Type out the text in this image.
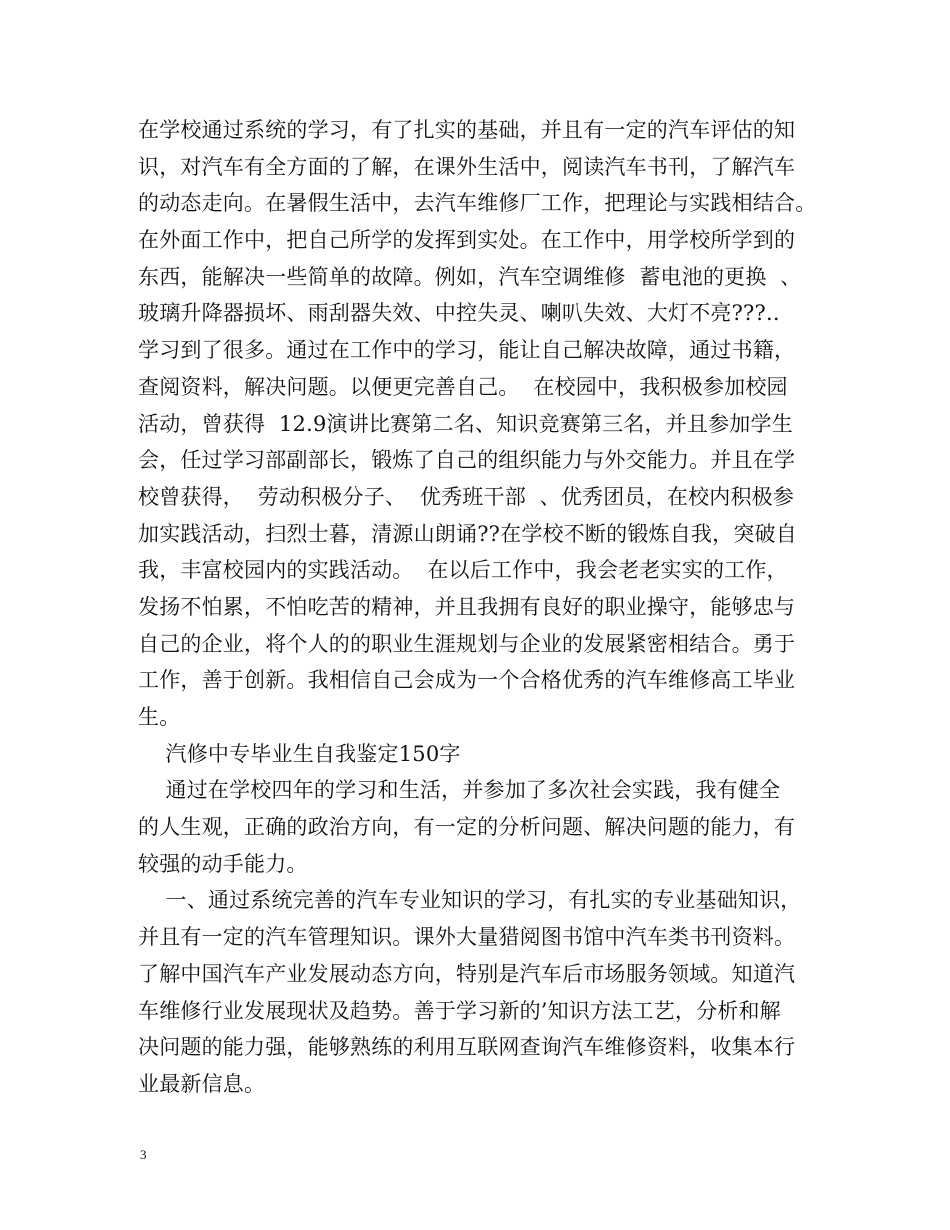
在学校通过系统的学习，有了扎实的基础，并且有一定的汽车评估的知
识，对汽车有全方面的了解，在课外生活中，阅读汽车书刊，了解汽车
的动态走向。在暑假生活中，去汽车维修厂工作，把理论与实践相结合。
在外面工作中，把自己所学的发挥到实处。在工作中，用学校所学到的
东西，能解决一些简单的故障。例如，汽车空调维修  蓄电池的更换  、
玻璃升降器损坏、雨刮器失效、中控失灵、喇叭失效、大灯不亮???..
学习到了很多。通过在工作中的学习，能让自己解决故障，通过书籍，
查阅资料，解决问题。以便更完善自己。  在校园中，我积极参加校园
活动，曾获得  12.9演讲比赛第二名、知识竞赛第三名，并且参加学生
会，任过学习部副部长，锻炼了自己的组织能力与外交能力。并且在学
校曾获得，  劳动积极分子、  优秀班干部  、优秀团员，在校内积极参
加实践活动，扫烈士暮，清源山朗诵??在学校不断的锻炼自我，突破自
我，丰富校园内的实践活动。  在以后工作中，我会老老实实的工作，
发扬不怕累，不怕吃苦的精神，并且我拥有良好的职业操守，能够忠与
自己的企业，将个人的的职业生涯规划与企业的发展紧密相结合。勇于
工作，善于创新。我相信自己会成为一个合格优秀的汽车维修高工毕业
生。
汽修中专毕业生自我鉴定150字
通过在学校四年的学习和生活，并参加了多次社会实践，我有健全
的人生观，正确的政治方向，有一定的分析问题、解决问题的能力，有
较强的动手能力。
一、通过系统完善的汽车专业知识的学习，有扎实的专业基础知识，
并且有一定的汽车管理知识。课外大量猎阅图书馆中汽车类书刊资料。
了解中国汽车产业发展动态方向，特别是汽车后市场服务领域。知道汽
车维修行业发展现状及趋势。善于学习新的’知识方法工艺，分析和解
决问题的能力强，能够熟练的利用互联网查询汽车维修资料，收集本行
业最新信息。
3
